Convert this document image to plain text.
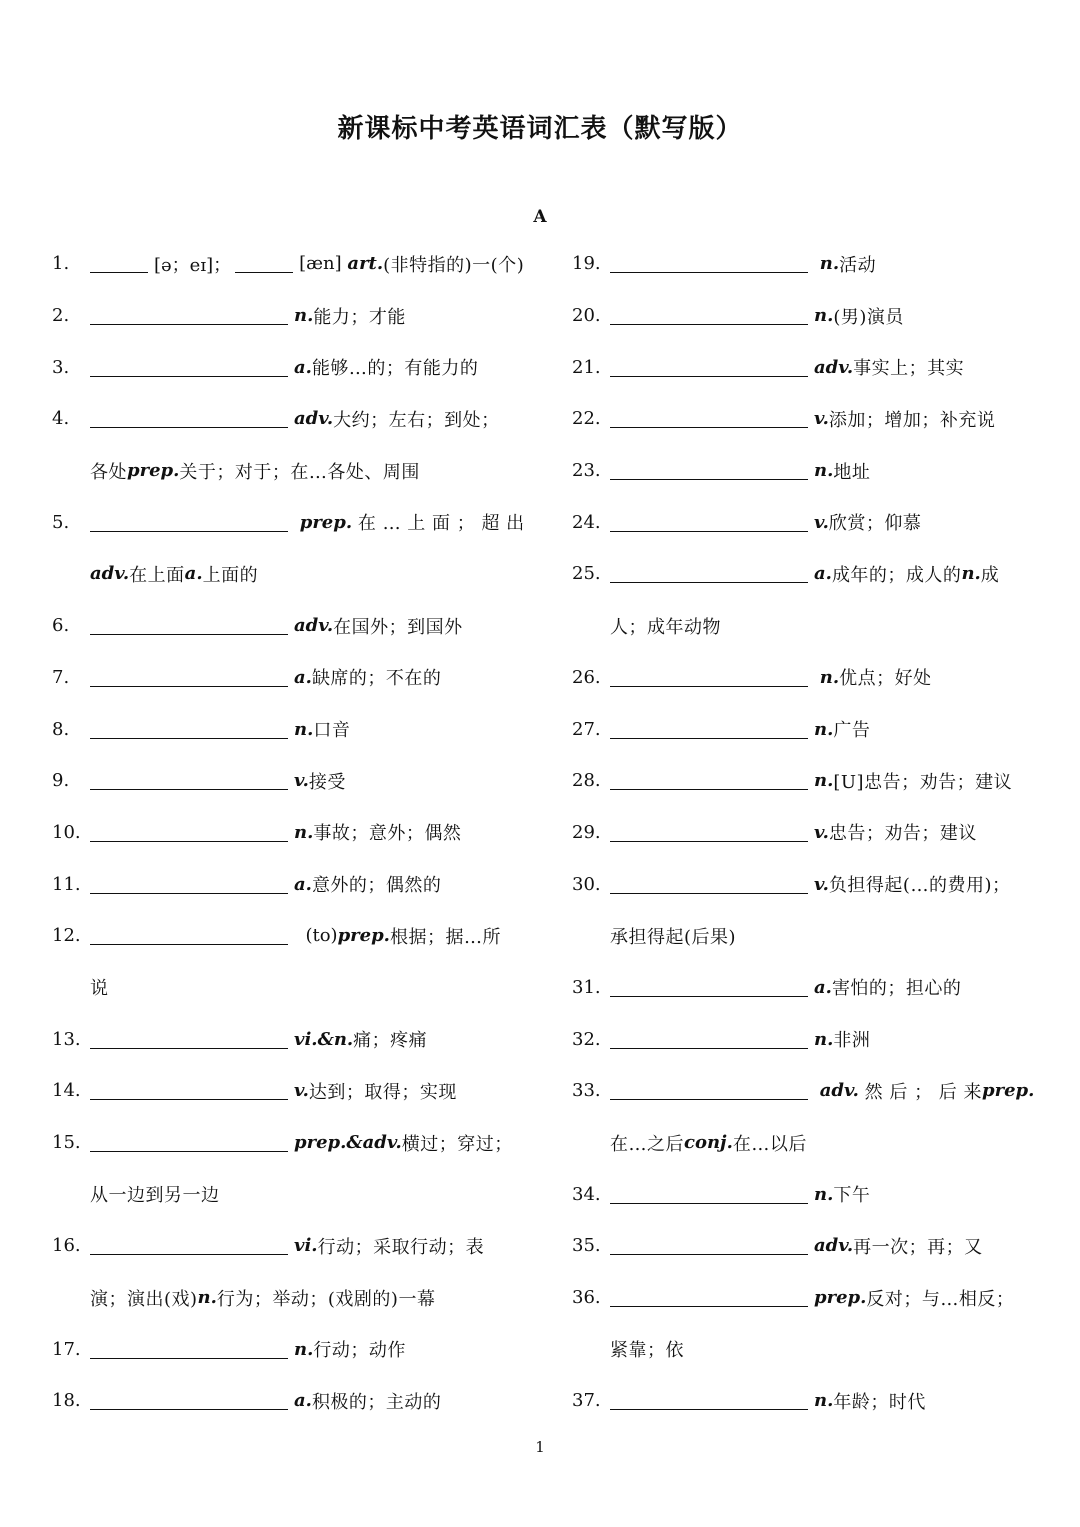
新课标中考英语词汇表（默写版）
A
1.	[ə；eɪ]；	[æn]
art. (非特指的)一(个)
2.	n. 能力；才能
3.	a. 能够…的；有能力的
4.	adv. 大约；左右；到处；
各处 prep. 关于；对于；在…各处、周围
5.
	prep.
在 … 上 面 ； 超 出
adv. 在上面 a. 上面的
6.	adv. 在国外；到国外
7.	a. 缺席的；不在的
8.	n. 口音
9.	v. 接受
10.	n. 事故；意外；偶然
11.	a. 意外的；偶然的
12.
	(to) prep. 根据；据…所
说
13.	vi.&n. 痛；疼痛
14.	v. 达到；取得；实现
15.	prep.&adv. 横过；穿过；
从一边到另一边
16.	vi. 行动；采取行动；表
演；演出(戏) n. 行为；举动；(戏剧的)一幕
17.	n. 行动；动作
18.	a. 积极的；主动的
19.
	n. 活动
20.	n. (男)演员
21.	adv. 事实上；其实
22.	v. 添加；增加；补充说
23.	n. 地址
24.	v. 欣赏；仰慕
25.	a. 成年的；成人的 n. 成
人；成年动物
26.
	n. 优点；好处
27.	n. 广告
28.	n. [U]忠告；劝告；建议
29.	v. 忠告；劝告；建议
30.	v. 负担得起(…的费用)；
承担得起(后果)
31.	a. 害怕的；担心的
32.	n. 非洲
33.
	adv.
然 后 ； 后 来 prep.
在…之后 conj. 在…以后
34.	n. 下午
35.	adv. 再一次；再；又
36.	prep. 反对；与…相反；
紧靠；依
37.	n. 年龄；时代
1
